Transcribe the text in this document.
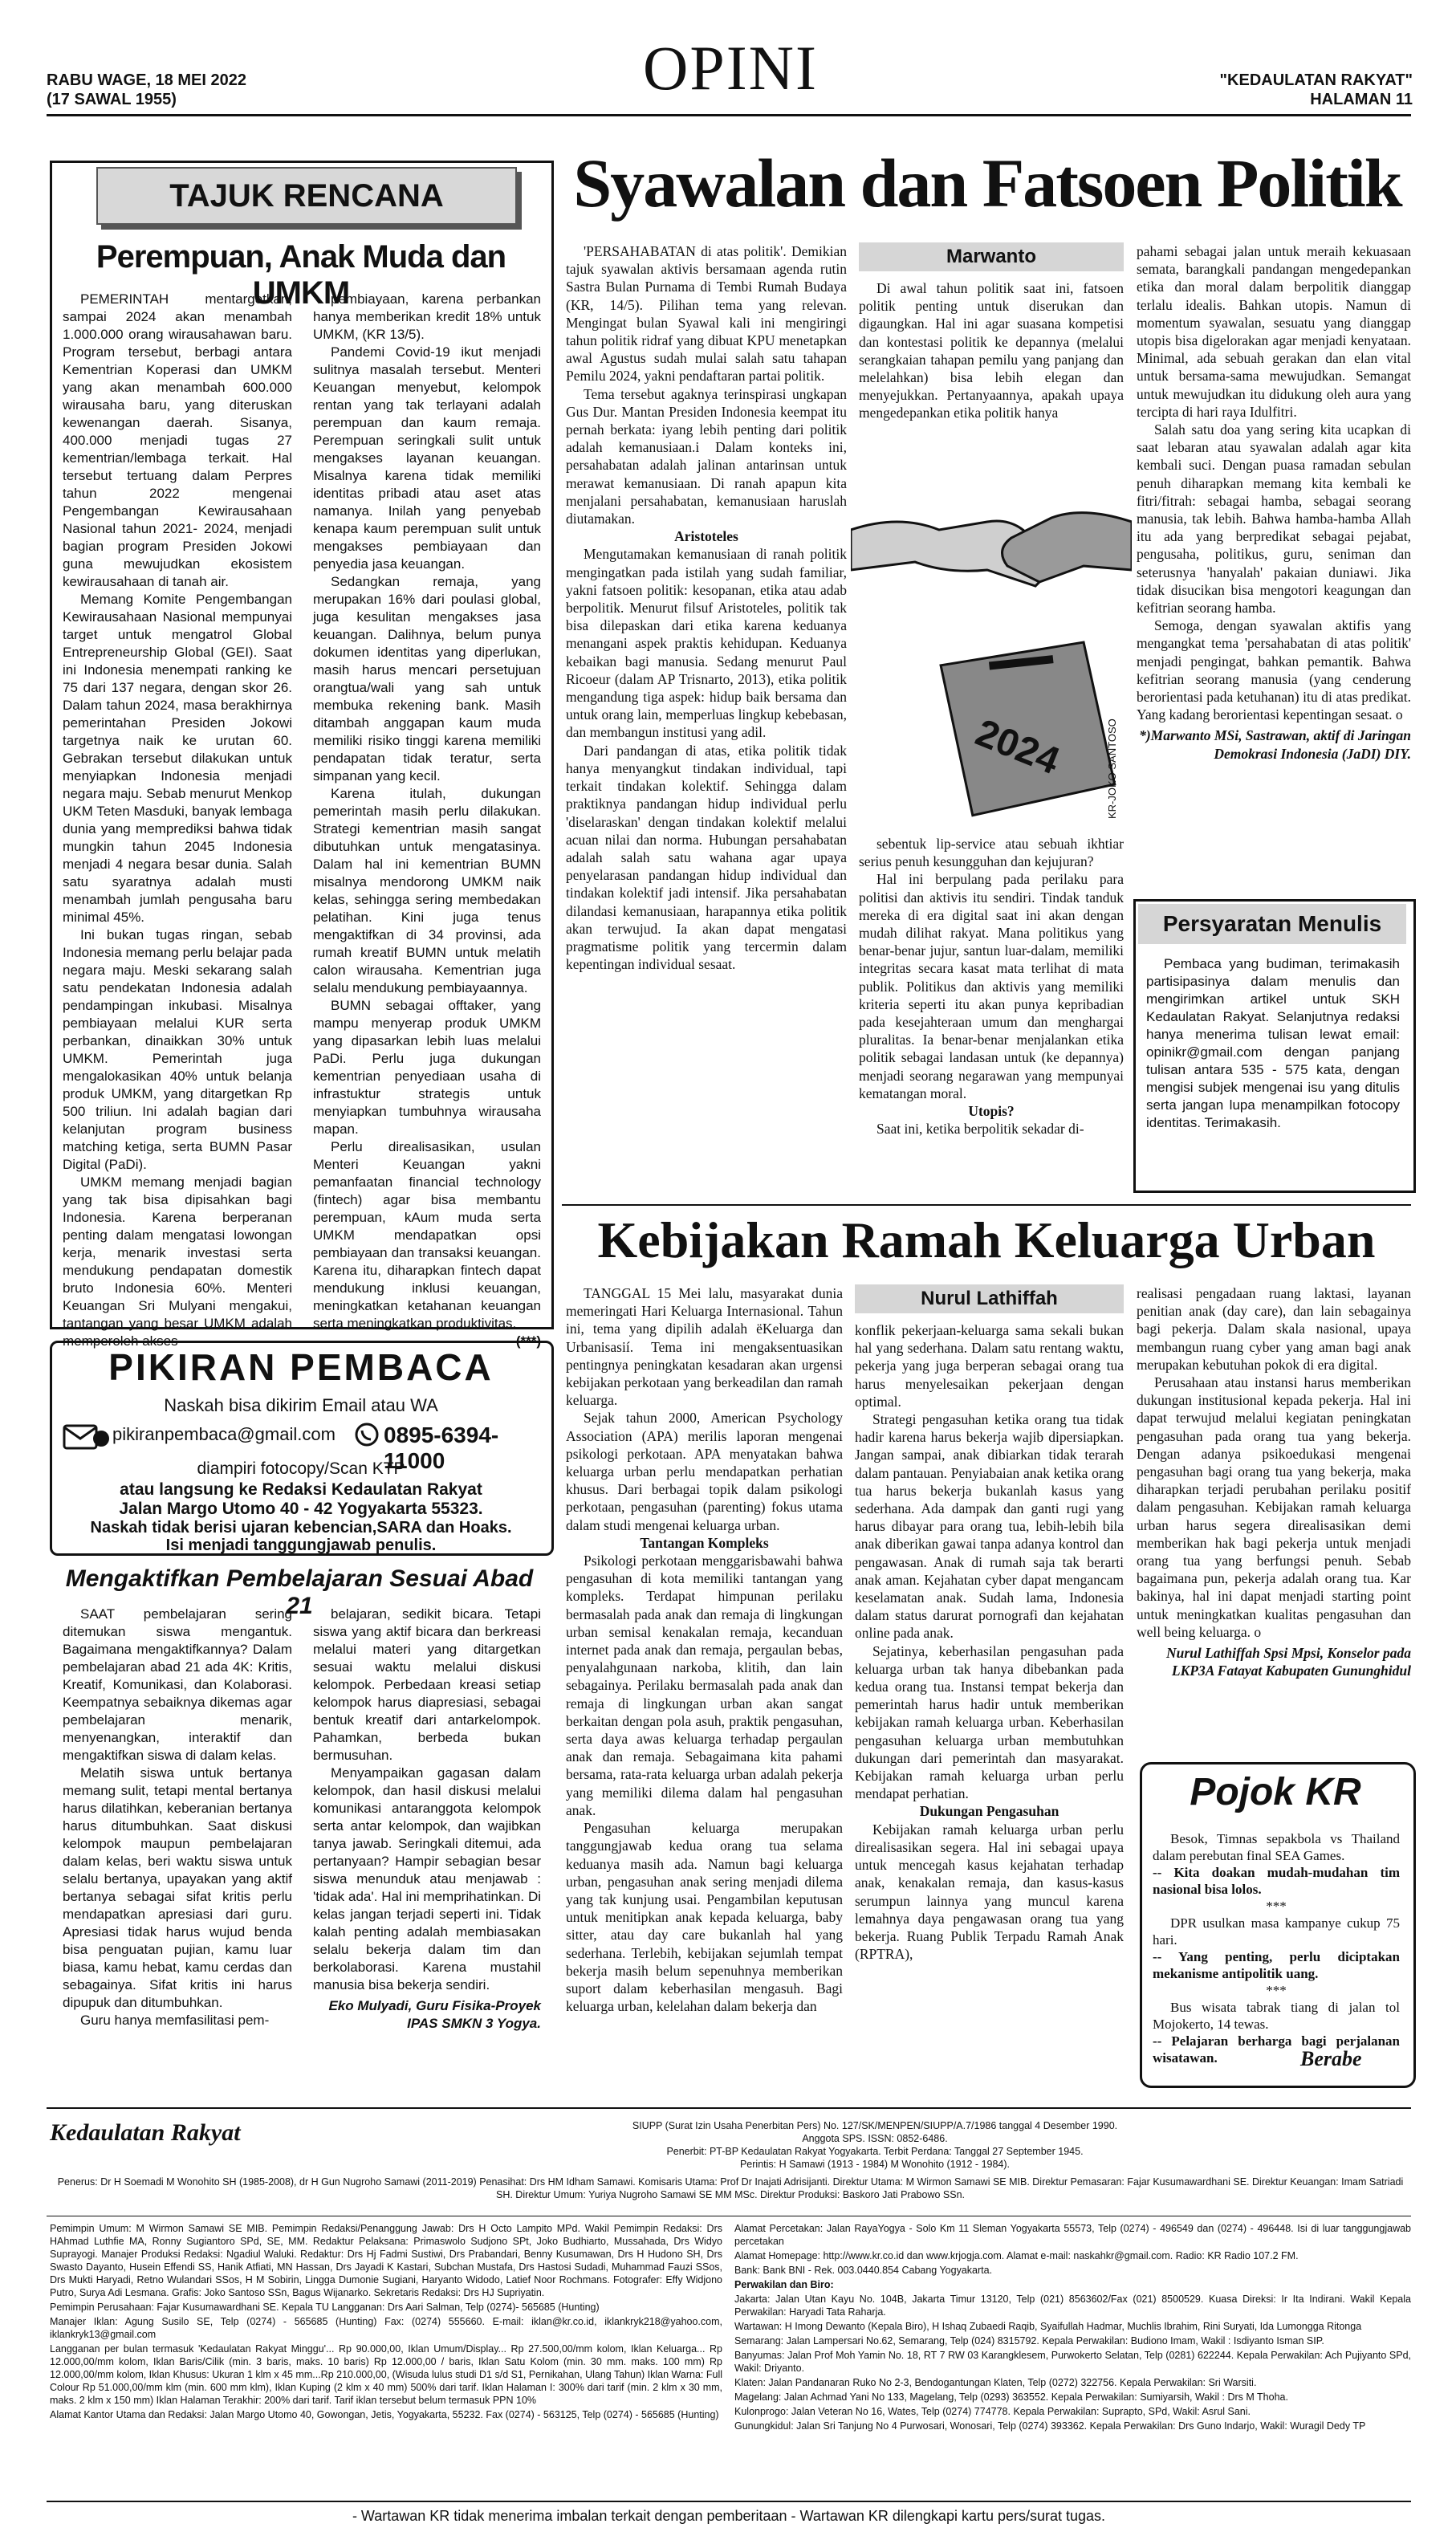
RABU WAGE, 18 MEI 2022
(17 SAWAL 1955)	OPINI	"KEDAULATAN RAKYAT"
HALAMAN 11
TAJUK RENCANA
Perempuan, Anak Muda dan UMKM

PEMERINTAH mentargetkan, sampai 2024 akan menambah 1.000.000 orang wirausahawan baru. Program tersebut, berbagi antara Kementrian Koperasi dan UMKM yang akan menambah 600.000 wirausaha baru, yang diteruskan kewenangan daerah. Sisanya, 400.000 menjadi tugas 27 kementrian/lembaga terkait. Hal tersebut tertuang dalam Perpres tahun 2022 mengenai Pengembangan Kewirausahaan Nasional tahun 2021- 2024, menjadi bagian program Presiden Jokowi guna mewujudkan ekosistem kewirausahaan di tanah air.

Memang Komite Pengembangan Kewirausahaan Nasional mempunyai target untuk mengatrol Global Entrepreneurship Global (GEI). Saat ini Indonesia menempati ranking ke 75 dari 137 negara, dengan skor 26. Dalam tahun 2024, masa berakhirnya pemerintahan Presiden Jokowi targetnya naik ke urutan 60. Gebrakan tersebut dilakukan untuk menyiapkan Indonesia menjadi negara maju. Sebab menurut Menkop UKM Teten Masduki, banyak lembaga dunia yang memprediksi bahwa tidak mungkin tahun 2045 Indonesia menjadi 4 negara besar dunia. Salah satu syaratnya adalah musti menambah jumlah pengusaha baru minimal 45%.

Ini bukan tugas ringan, sebab Indonesia memang perlu belajar pada negara maju. Meski sekarang salah satu pendekatan Indonesia adalah pendampingan inkubasi. Misalnya pembiayaan melalui KUR serta perbankan, dinaikkan 30% untuk UMKM. Pemerintah juga mengalokasikan 40% untuk belanja produk UMKM, yang ditargetkan Rp 500 triliun. Ini adalah bagian dari kelanjutan program business matching ketiga, serta BUMN Pasar Digital (PaDi).

UMKM memang menjadi bagian yang tak bisa dipisahkan bagi Indonesia. Karena berperanan penting dalam mengatasi lowongan kerja, menarik investasi serta mendukung pendapatan domestik bruto Indonesia 60%. Menteri Keuangan Sri Mulyani mengakui, tantangan yang besar UMKM adalah memperoleh akses

pembiayaan, karena perbankan hanya memberikan kredit 18% untuk UMKM, (KR 13/5).

Pandemi Covid-19 ikut menjadi sulitnya masalah tersebut. Menteri Keuangan menyebut, kelompok rentan yang tak terlayani adalah perempuan dan kaum remaja. Perempuan seringkali sulit untuk mengakses layanan keuangan. Misalnya karena tidak memiliki identitas pribadi atau aset atas namanya. Inilah yang penyebab kenapa kaum perempuan sulit untuk mengakses pembiayaan dan penyedia jasa keuangan.

Sedangkan remaja, yang merupakan 16% dari poulasi global, juga kesulitan mengakses jasa keuangan. Dalihnya, belum punya dokumen identitas yang diperlukan, masih harus mencari persetujuan orangtua/wali yang sah untuk membuka rekening bank. Masih ditambah anggapan kaum muda memiliki risiko tinggi karena memiliki pendapatan tidak teratur, serta simpanan yang kecil.

Karena itulah, dukungan pemerintah masih perlu dilakukan. Strategi kementrian masih sangat dibutuhkan untuk mengatasinya. Dalam hal ini kementrian BUMN misalnya mendorong UMKM naik kelas, sehingga sering membedakan pelatihan. Kini juga tenus mengaktifkan di 34 provinsi, ada rumah kreatif BUMN untuk melatih calon wirausaha. Kementrian juga selalu mendukung pembiayaannya.

BUMN sebagai offtaker, yang mampu menyerap produk UMKM yang dipasarkan lebih luas melalui PaDi. Perlu juga dukungan kementrian penyediaan usaha di infrastuktur strategis untuk menyiapkan tumbuhnya wirausaha mapan.

Perlu direalisasikan, usulan Menteri Keuangan yakni pemanfaatan financial technology (fintech) agar bisa membantu perempuan, kAum muda serta UMKM mendapatkan opsi pembiayaan dan transaksi keuangan. Karena itu, diharapkan fintech dapat mendukung inklusi keuangan, meningkatkan ketahanan keuangan serta meningkatkan produktivitas.

(***)
PIKIRAN PEMBACA
Naskah bisa dikirim Email atau WA
pikiranpembaca@gmail.com	0895-6394-11000
diampiri fotocopy/Scan KTP
atau langsung ke Redaksi Kedaulatan Rakyat
Jalan Margo Utomo 40 - 42 Yogyakarta 55323.
Naskah tidak berisi ujaran kebencian,SARA dan Hoaks.
Isi menjadi tanggungjawab penulis.
Mengaktifkan Pembelajaran Sesuai Abad 21

SAAT pembelajaran sering ditemukan siswa mengantuk. Bagaimana mengaktifkannya? Dalam pembelajaran abad 21 ada 4K: Kritis, Kreatif, Komunikasi, dan Kolaborasi. Keempatnya sebaiknya dikemas agar pembelajaran menarik, menyenangkan, interaktif dan mengaktifkan siswa di dalam kelas.

Melatih siswa untuk bertanya memang sulit, tetapi mental bertanya harus dilatihkan, keberanian bertanya harus ditumbuhkan. Saat diskusi kelompok maupun pembelajaran dalam kelas, beri waktu siswa untuk selalu bertanya, upayakan yang aktif bertanya sebagai sifat kritis perlu mendapatkan apresiasi dari guru. Apresiasi tidak harus wujud benda bisa penguatan pujian, kamu luar biasa, kamu hebat, kamu cerdas dan sebagainya. Sifat kritis ini harus dipupuk dan ditumbuhkan.

Guru hanya memfasilitasi pem-

belajaran, sedikit bicara. Tetapi siswa yang aktif bicara dan berkreasi melalui materi yang ditargetkan sesuai waktu melalui diskusi kelompok. Perbedaan kreasi setiap kelompok harus diapresiasi, sebagai bentuk kreatif dari antarkelompok. Pahamkan, berbeda bukan bermusuhan.

Menyampaikan gagasan dalam kelompok, dan hasil diskusi melalui komunikasi antaranggota kelompok serta antar kelompok, dan wajibkan tanya jawab. Seringkali ditemui, ada pertanyaan? Hampir sebagian besar siswa menunduk atau menjawab : 'tidak ada'. Hal ini memprihatinkan. Di kelas jangan terjadi seperti ini. Tidak kalah penting adalah membiasakan selalu bekerja dalam tim dan berkolaborasi. Karena mustahil manusia bisa bekerja sendiri.

Eko Mulyadi, Guru Fisika-Proyek IPAS SMKN 3 Yogya.
Syawalan dan Fatsoen Politik

'PERSAHABATAN di atas politik'. Demikian tajuk syawalan aktivis bersamaan agenda rutin Sastra Bulan Purnama di Tembi Rumah Budaya (KR, 14/5). Pilihan tema yang relevan. Mengingat bulan Syawal kali ini mengiringi tahun politik ridraf yang dibuat KPU menetapkan awal Agustus sudah mulai salah satu tahapan Pemilu 2024, yakni pendaftaran partai politik.

Tema tersebut agaknya terinspirasi ungkapan Gus Dur. Mantan Presiden Indonesia keempat itu pernah berkata: iyang lebih penting dari politik adalah kemanusiaan.i Dalam konteks ini, persahabatan adalah jalinan antarinsan untuk merawat kemanusiaan. Di ranah apapun kita menjalani persahabatan, kemanusiaan haruslah diutamakan.

Aristoteles

Mengutamakan kemanusiaan di ranah politik mengingatkan pada istilah yang sudah familiar, yakni fatsoen politik: kesopanan, etika atau adab berpolitik. Menurut filsuf Aristoteles, politik tak bisa dilepaskan dari etika karena keduanya menangani aspek praktis kehidupan. Keduanya kebaikan bagi manusia. Sedang menurut Paul Ricoeur (dalam AP Trisnarto, 2013), etika politik mengandung tiga aspek: hidup baik bersama dan untuk orang lain, memperluas lingkup kebebasan, dan membangun institusi yang adil.

Dari pandangan di atas, etika politik tidak hanya menyangkut tindakan individual, tapi terkait tindakan kolektif. Sehingga dalam praktiknya pandangan hidup individual perlu 'diselaraskan' dengan tindakan kolektif melalui acuan nilai dan norma. Hubungan persahabatan adalah salah satu wahana agar upaya penyelarasan pandangan hidup individual dan tindakan kolektif jadi intensif. Jika persahabatan dilandasi kemanusiaan, harapannya etika politik akan terwujud. Ia akan dapat mengatasi pragmatisme politik yang tercermin dalam kepentingan individual sesaat.

Marwanto

Di awal tahun politik saat ini, fatsoen politik penting untuk diserukan dan digaungkan. Hal ini agar suasana kompetisi dan kontestasi politik ke depannya (melalui serangkaian tahapan pemilu yang panjang dan melelahkan) bisa lebih elegan dan menyejukkan. Pertanyaannya, apakah upaya mengedepankan etika politik hanya

2024	KR-JOKO SANTOSO

sebentuk lip-service atau sebuah ikhtiar serius penuh kesungguhan dan kejujuran?

Hal ini berpulang pada perilaku para politisi dan aktivis itu sendiri. Tindak tanduk mereka di era digital saat ini akan dengan mudah dilihat rakyat. Mana politikus yang benar-benar jujur, santun luar-dalam, memiliki integritas secara kasat mata terlihat di mata publik. Politikus dan aktivis yang memiliki kriteria seperti itu akan punya kepribadian pada kesejahteraan umum dan menghargai pluralitas. Ia benar-benar menjalankan etika politik sebagai landasan untuk (ke depannya) menjadi seorang negarawan yang mempunyai kematangan moral.

Utopis?

Saat ini, ketika berpolitik sekadar di-

pahami sebagai jalan untuk meraih kekuasaan semata, barangkali pandangan mengedepankan etika dan moral dalam berpolitik dianggap terlalu idealis. Bahkan utopis. Namun di momentum syawalan, sesuatu yang dianggap utopis bisa digelorakan agar menjadi kenyataan. Minimal, ada sebuah gerakan dan elan vital untuk bersama-sama mewujudkan. Semangat untuk mewujudkan itu didukung oleh aura yang tercipta di hari raya Idulfitri.

Salah satu doa yang sering kita ucapkan di saat lebaran atau syawalan adalah agar kita kembali suci. Dengan puasa ramadan sebulan penuh diharapkan memang kita kembali ke fitri/fitrah: sebagai hamba, sebagai seorang manusia, tak lebih. Bahwa hamba-hamba Allah itu ada yang berpredikat sebagai pejabat, pengusaha, politikus, guru, seniman dan seterusnya 'hanyalah' pakaian duniawi. Jika tidak disucikan bisa mengotori keagungan dan kefitrian seorang hamba.

Semoga, dengan syawalan aktifis yang mengangkat tema 'persahabatan di atas politik' menjadi pengingat, bahkan pemantik. Bahwa kefitrian seorang manusia (yang cenderung berorientasi pada ketuhanan) itu di atas predikat. Yang kadang berorientasi kepentingan sesaat. o

*)Marwanto MSi, Sastrawan, aktif di Jaringan Demokrasi Indonesia (JaDI) DIY.
Persyaratan Menulis

Pembaca yang budiman, terimakasih partisipasinya dalam menulis dan mengirimkan artikel untuk SKH Kedaulatan Rakyat. Selanjutnya redaksi hanya menerima tulisan lewat email: opinikr@gmail.com dengan panjang tulisan antara 535 - 575 kata, dengan mengisi subjek mengenai isu yang ditulis serta jangan lupa menampilkan fotocopy identitas. Terimakasih.

Kebijakan Ramah Keluarga Urban

TANGGAL 15 Mei lalu, masyarakat dunia memeringati Hari Keluarga Internasional. Tahun ini, tema yang dipilih adalah ëKeluarga dan Urbanisasií. Tema ini mengaksentuasikan pentingnya peningkatan kesadaran akan urgensi kebijakan perkotaan yang berkeadilan dan ramah keluarga.

Sejak tahun 2000, American Psychology Association (APA) merilis laporan mengenai psikologi perkotaan. APA menyatakan bahwa keluarga urban perlu mendapatkan perhatian khusus. Dari berbagai topik dalam psikologi perkotaan, pengasuhan (parenting) fokus utama dalam studi mengenai keluarga urban.

Tantangan Kompleks

Psikologi perkotaan menggarisbawahi bahwa pengasuhan di kota memiliki tantangan yang kompleks. Terdapat himpunan perilaku bermasalah pada anak dan remaja di lingkungan urban semisal kenakalan remaja, kecanduan internet pada anak dan remaja, pergaulan bebas, penyalahgunaan narkoba, klitih, dan lain sebagainya. Perilaku bermasalah pada anak dan remaja di lingkungan urban akan sangat berkaitan dengan pola asuh, praktik pengasuhan, serta daya awas keluarga terhadap pergaulan anak dan remaja. Sebagaimana kita pahami bersama, rata-rata keluarga urban adalah pekerja yang memiliki dilema dalam hal pengasuhan anak.

Pengasuhan keluarga merupakan tanggungjawab kedua orang tua selama keduanya masih ada. Namun bagi keluarga urban, pengasuhan anak sering menjadi dilema yang tak kunjung usai. Pengambilan keputusan untuk menitipkan anak kepada keluarga, baby sitter, atau day care bukanlah hal yang sederhana. Terlebih, kebijakan sejumlah tempat bekerja masih belum sepenuhnya memberikan suport dalam keberhasilan mengasuh. Bagi keluarga urban, kelelahan dalam bekerja dan

Nurul Lathiffah

konflik pekerjaan-keluarga sama sekali bukan hal yang sederhana. Dalam satu rentang waktu, pekerja yang juga berperan sebagai orang tua harus menyelesaikan pekerjaan dengan optimal.

Strategi pengasuhan ketika orang tua tidak hadir karena harus bekerja wajib dipersiapkan. Jangan sampai, anak dibiarkan tidak terarah dalam pantauan. Penyiabaian anak ketika orang tua harus bekerja bukanlah kasus yang sederhana. Ada dampak dan ganti rugi yang harus dibayar para orang tua, lebih-lebih bila anak diberikan gawai tanpa adanya kontrol dan pengawasan. Anak di rumah saja tak berarti anak aman. Kejahatan cyber dapat mengancam keselamatan anak. Sudah lama, Indonesia dalam status darurat pornografi dan kejahatan online pada anak.

Sejatinya, keberhasilan pengasuhan pada keluarga urban tak hanya dibebankan pada kedua orang tua. Instansi tempat bekerja dan pemerintah harus hadir untuk memberikan kebijakan ramah keluarga urban. Keberhasilan pengasuhan keluarga urban membutuhkan dukungan dari pemerintah dan masyarakat. Kebijakan ramah keluarga urban perlu mendapat perhatian.

Dukungan Pengasuhan

Kebijakan ramah keluarga urban perlu direalisasikan segera. Hal ini sebagai upaya untuk mencegah kasus kejahatan terhadap anak, kenakalan remaja, dan kasus-kasus serumpun lainnya yang muncul karena lemahnya daya pengawasan orang tua yang bekerja. Ruang Publik Terpadu Ramah Anak (RPTRA),

realisasi pengadaan ruang laktasi, layanan penitian anak (day care), dan lain sebagainya bagi pekerja. Dalam skala nasional, upaya membangun ruang cyber yang aman bagi anak merupakan kebutuhan pokok di era digital.

Perusahaan atau instansi harus memberikan dukungan institusional kepada pekerja. Hal ini dapat terwujud melalui kegiatan peningkatan pengasuhan pada orang tua yang bekerja. Dengan adanya psikoedukasi mengenai pengasuhan bagi orang tua yang bekerja, maka diharapkan terjadi perubahan perilaku positif dalam pengasuhan. Kebijakan ramah keluarga urban harus segera direalisasikan demi memberikan hak bagi pekerja untuk menjadi orang tua yang berfungsi penuh. Sebab bagaimana pun, pekerja adalah orang tua. Kar bakinya, hal ini dapat menjadi starting point untuk meningkatkan kualitas pengasuhan dan well being keluarga. o

Nurul Lathiffah Spsi Mpsi, Konselor pada LKP3A Fatayat Kabupaten Gununghidul
Pojok KR

Besok, Timnas sepakbola vs Thailand dalam perebutan final SEA Games.

-- Kita doakan mudah-mudahan tim nasional bisa lolos.

***

DPR usulkan masa kampanye cukup 75 hari.

-- Yang penting, perlu diciptakan mekanisme antipolitik uang.

***

Bus wisata tabrak tiang di jalan tol Mojokerto, 14 tewas.

-- Pelajaran berharga bagi perjalanan wisatawan.	Berabe
Kedaulatan Rakyat	SIUPP (Surat Izin Usaha Penerbitan Pers) No. 127/SK/MENPEN/SIUPP/A.7/1986 tanggal 4 Desember 1990.
Anggota SPS. ISSN: 0852-6486.
Penerbit: PT-BP Kedaulatan Rakyat Yogyakarta. Terbit Perdana: Tanggal 27 September 1945.
Perintis: H Samawi (1913 - 1984) M Wonohito (1912 - 1984).
Penerus: Dr H Soemadi M Wonohito SH (1985-2008), dr H Gun Nugroho Samawi (2011-2019) Penasihat: Drs HM Idham Samawi. Komisaris Utama: Prof Dr Inajati Adrisijanti. Direktur Utama: M Wirmon Samawi SE MIB. Direktur Pemasaran: Fajar Kusumawardhani SE. Direktur Keuangan: Imam Satriadi SH. Direktur Umum: Yuriya Nugroho Samawi SE MM MSc. Direktur Produksi: Baskoro Jati Prabowo SSn.

Pemimpin Umum: M Wirmon Samawi SE MIB. Pemimpin Redaksi/Penanggung Jawab: Drs H Octo Lampito MPd. Wakil Pemimpin Redaksi: Drs HAhmad Luthfie MA, Ronny Sugiantoro SPd, SE, MM. Redaktur Pelaksana: Primaswolo Sudjono SPt, Joko Budhiarto, Mussahada, Drs Widyo Suprayogi. Manajer Produksi Redaksi: Ngadiul Waluki. Redaktur: Drs Hj Fadmi Sustiwi, Drs Prabandari, Benny Kusumawan, Drs H Hudono SH, Drs Swasto Dayanto, Husein Effendi SS, Hanik Atfiati, MN Hassan, Drs Jayadi K Kastari, Subchan Mustafa, Drs Hastosi Sudadi, Muhammad Fauzi SSos, Drs Mukti Haryadi, Retno Wulandari SSos, H M Sobirin, Lingga Dumonie Sugiani, Haryanto Widodo, Latief Noor Rochmans. Fotografer: Effy Widjono Putro, Surya Adi Lesmana. Grafis: Joko Santoso SSn, Bagus Wijanarko. Sekretaris Redaksi: Drs HJ Supriyatin.

Pemimpin Perusahaan: Fajar Kusumawardhani SE. Kepala TU Langganan: Drs Aari Salman, Telp (0274)- 565685 (Hunting)

Manajer Iklan: Agung Susilo SE, Telp (0274) - 565685 (Hunting) Fax: (0274) 555660. E-mail: iklan@kr.co.id, iklankryk218@yahoo.com, iklankryk13@gmail.com

Langganan per bulan termasuk 'Kedaulatan Rakyat Minggu'... Rp 90.000,00, Iklan Umum/Display... Rp 27.500,00/mm kolom, Iklan Keluarga... Rp 12.000,00/mm kolom, Iklan Baris/Cilik (min. 3 baris, maks. 10 baris) Rp 12.000,00 / baris, Iklan Satu Kolom (min. 30 mm. maks. 100 mm) Rp 12.000,00/mm kolom, Iklan Khusus: Ukuran 1 klm x 45 mm...Rp 210.000,00, (Wisuda lulus studi D1 s/d S1, Pernikahan, Ulang Tahun) Iklan Warna: Full Colour Rp 51.000,00/mm klm (min. 600 mm klm), Iklan Kuping (2 klm x 40 mm) 500% dari tarif. Iklan Halaman I: 300% dari tarif (min. 2 klm x 30 mm, maks. 2 klm x 150 mm) Iklan Halaman Terakhir: 200% dari tarif. Tarif iklan tersebut belum termasuk PPN 10%

Alamat Kantor Utama dan Redaksi: Jalan Margo Utomo 40, Gowongan, Jetis, Yogyakarta, 55232. Fax (0274) - 563125, Telp (0274) - 565685 (Hunting)

Alamat Percetakan: Jalan RayaYogya - Solo Km 11 Sleman Yogyakarta 55573, Telp (0274) - 496549 dan (0274) - 496448. Isi di luar tanggungjawab percetakan

Alamat Homepage: http://www.kr.co.id dan www.krjogja.com. Alamat e-mail: naskahkr@gmail.com. Radio: KR Radio 107.2 FM.

Bank: Bank BNI - Rek. 003.0440.854 Cabang Yogyakarta.

Perwakilan dan Biro:

Jakarta: Jalan Utan Kayu No. 104B, Jakarta Timur 13120, Telp (021) 8563602/Fax (021) 8500529. Kuasa Direksi: Ir Ita Indirani. Wakil Kepala Perwakilan: Haryadi Tata Raharja.

Wartawan: H Imong Dewanto (Kepala Biro), H Ishaq Zubaedi Raqib, Syaifullah Hadmar, Muchlis Ibrahim, Rini Suryati, Ida Lumongga Ritonga

Semarang: Jalan Lampersari No.62, Semarang, Telp (024) 8315792. Kepala Perwakilan: Budiono Imam, Wakil : Isdiyanto Isman SIP.

Banyumas: Jalan Prof Moh Yamin No. 18, RT 7 RW 03 Karangklesem, Purwokerto Selatan, Telp (0281) 622244. Kepala Perwakilan: Ach Pujiyanto SPd, Wakil: Driyanto.

Klaten: Jalan Pandanaran Ruko No 2-3, Bendogantungan Klaten, Telp (0272) 322756. Kepala Perwakilan: Sri Warsiti.

Magelang: Jalan Achmad Yani No 133, Magelang, Telp (0293) 363552. Kepala Perwakilan: Sumiyarsih, Wakil : Drs M Thoha.

Kulonprogo: Jalan Veteran No 16, Wates, Telp (0274) 774778. Kepala Perwakilan: Suprapto, SPd, Wakil: Asrul Sani.

Gunungkidul: Jalan Sri Tanjung No 4 Purwosari, Wonosari, Telp (0274) 393362. Kepala Perwakilan: Drs Guno Indarjo, Wakil: Wuragil Dedy TP

- Wartawan KR tidak menerima imbalan terkait dengan pemberitaan - Wartawan KR dilengkapi kartu pers/surat tugas.
